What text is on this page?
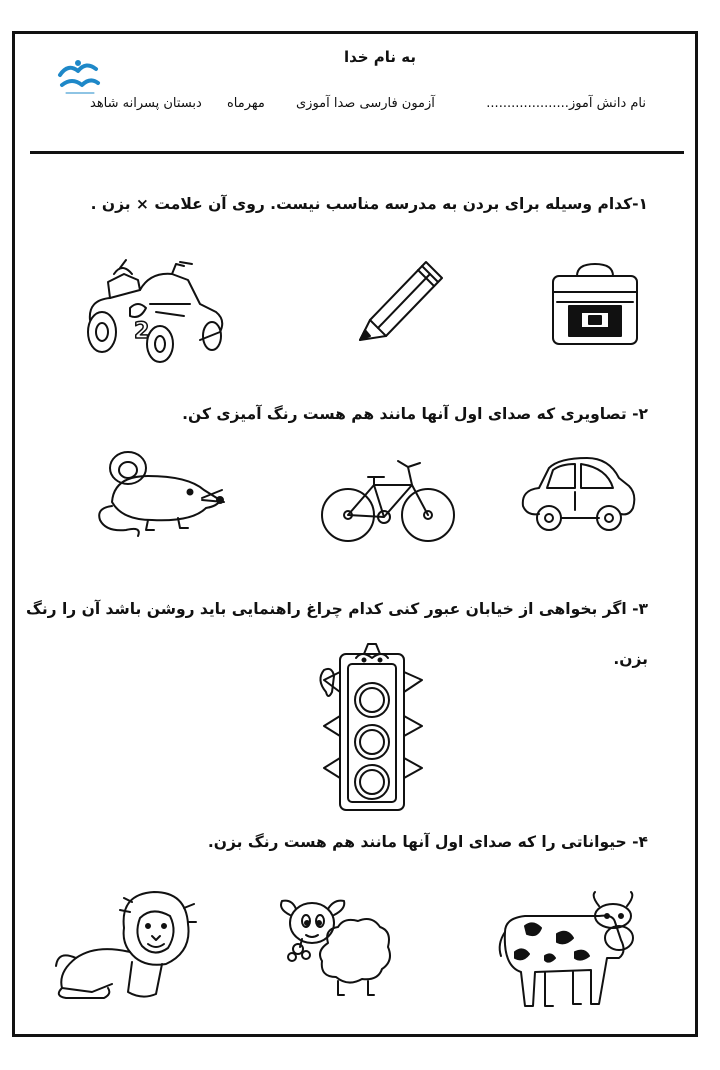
به نام خدا
نام دانش آموز....................
آزمون فارسی صدا آموزی
مهرماه
دبستان پسرانه شاهد
۱-کدام وسیله برای بردن به مدرسه مناسب نیست. روی آن علامت × بزن .
2
۲- تصاویری که صدای اول آنها مانند هم هست رنگ آمیزی کن.
۳- اگر بخواهی از خیابان عبور کنی کدام چراغ راهنمایی باید روشن باشد آن را رنگ
بزن.
۴- حیواناتی را که صدای اول آنها مانند هم هست رنگ بزن.
